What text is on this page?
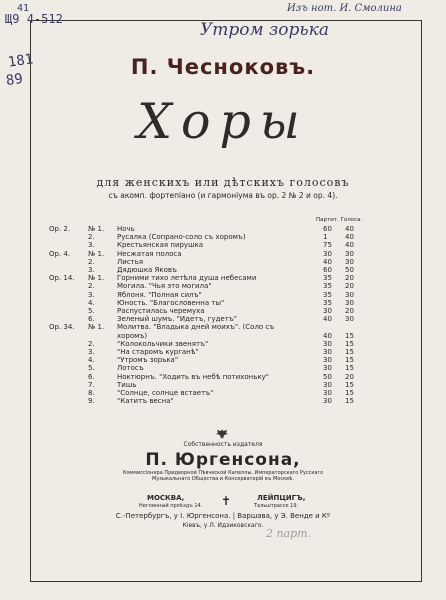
41
Щ9 4-512
181
89
Изъ нот. И. Смолина
Утром зорька
2 парт.
П. Чесноковъ.
Хоры
для женскихъ или дѣтскихъ голосовъ
съ акомп. фортепіано (и гармоніума въ ор. 2 № 2 и ор. 4).
Партит. Голоса.
Op. 2.	№ 1. Ночь	60 40
2.	Русалка (Сопрано-соло съ хоромъ)	1	40
3.	Крестьянская пирушка	75 40
Op. 4.	№ 1. Несжатая полоса	30 30
2.	Листья	40 30
3.	Дядюшка Яковъ	60 50
Op. 14. № 1. Горними тихо летѣла душа небесами	35 20
2.	Могила. "Чья это могила"	35 20
3.	Яблоня. "Полная силъ"	35 30
4.	Юность. "Благословенна ты"	35 30
5.	Распустилась черемуха	30 20
6.	Зеленый шумъ. "Идетъ, гудетъ"	40 30
Op. 34. № 1. Молитва. "Владыка дней моихъ". (Соло съ
хоромъ)	40 15
2.	"Колокольчики звенятъ"	30 15
3.	"На старомъ курганѣ"	30 15
4.	"Утромъ зорька"	30 15
5.	Лотосъ	30 15
6.	Ноктюрнъ. "Ходить въ небѣ потихоньку"	50 20
7.	Тишь	30 15
8.	"Солнце, солнце встаетъ"	30 15
9.	"Катитъ весна"	30 15
Собственность издателя
П. Юргенсона,
Коммиссіонера Придворной Пѣвческой Капеллы, Императорскаго Русскаго Музыкальнаго Общества и Консерваторій въ Москвѣ.
МОСКВА,
Неглинный проѣздъ 14. ✝	ЛЕЙПЦИГЪ,
Тальштрассе 19.
С.-Петербургъ, у I. Юргенсона. | Варшава, у Э. Венде и Кº
Кіевъ, у Л. Идзиковскаго.
